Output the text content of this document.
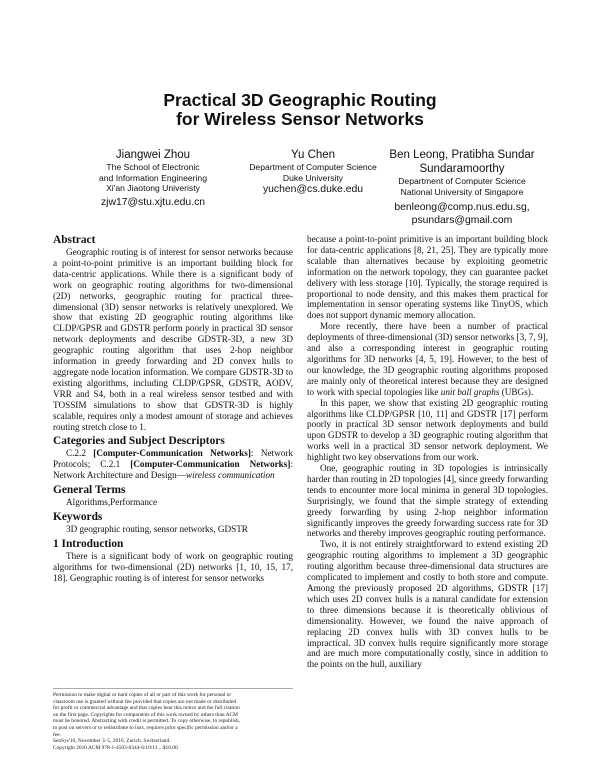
Practical 3D Geographic Routing
for Wireless Sensor Networks
Jiangwei Zhou
The School of Electronic
and Information Engineering
Xi'an Jiaotong Univeristy
zjw17@stu.xjtu.edu.cn
Yu Chen
Department of Computer Science
Duke University
yuchen@cs.duke.edu
Ben Leong, Pratibha Sundar
Sundaramoorthy
Department of Computer Science
National University of Singapore
benleong@comp.nus.edu.sg,
psundars@gmail.com
Abstract

Geographic routing is of interest for sensor networks because a point-to-point primitive is an important building block for data-centric applications. While there is a significant body of work on geographic routing algorithms for two-dimensional (2D) networks, geographic routing for practical three-dimensional (3D) sensor networks is relatively unexplored. We show that existing 2D geographic routing algorithms like CLDP/GPSR and GDSTR perform poorly in practical 3D sensor network deployments and describe GDSTR-3D, a new 3D geographic routing algorithm that uses 2-hop neighbor information in greedy forwarding and 2D convex hulls to aggregate node location information. We compare GDSTR-3D to existing algorithms, including CLDP/GPSR, GDSTR, AODV, VRR and S4, both in a real wireless sensor testbed and with TOSSIM simulations to show that GDSTR-3D is highly scalable, requires only a modest amount of storage and achieves routing stretch close to 1.

Categories and Subject Descriptors

C.2.2 [Computer-Communication Networks]: Network Protocols; C.2.1 [Computer-Communication Networks]: Network Architecture and Design—wireless communication

General Terms

Algorithms,Performance

Keywords

3D geographic routing, sensor networks, GDSTR

1 Introduction

There is a significant body of work on geographic routing algorithms for two-dimensional (2D) networks [1, 10, 15, 17, 18]. Geographic routing is of interest for sensor networks

Permission to make digital or hard copies of all or part of this work for personal or
classroom use is granted without fee provided that copies are not made or distributed
for profit or commercial advantage and that copies bear this notice and the full citation
on the first page. Copyrights for components of this work owned by others than ACM
must be honored. Abstracting with credit is permitted. To copy otherwise, to republish,
to post on servers or to redistribute to lists, requires prior specific permission and/or a
fee.
SenSys'10, November 3–5, 2010, Zurich, Switzerland.
Copyright 2010 ACM 978-1-4503-0344-6/10/11 ...$10.00

because a point-to-point primitive is an important building block for data-centric applications [8, 21, 25]. They are typically more scalable than alternatives because by exploiting geometric information on the network topology, they can guarantee packet delivery with less storage [10]. Typically, the storage required is proportional to node density, and this makes them practical for implementation in sensor operating systems like TinyOS, which does not support dynamic memory allocation.

More recently, there have been a number of practical deployments of three-dimensional (3D) sensor networks [3, 7, 9], and also a corresponding interest in geographic routing algorithms for 3D networks [4, 5, 19]. However, to the best of our knowledge, the 3D geographic routing algorithms proposed are mainly only of theoretical interest because they are designed to work with special topologies like unit ball graphs (UBGs).

In this paper, we show that existing 2D geographic routing algorithms like CLDP/GPSR [10, 11] and GDSTR [17] perform poorly in practical 3D sensor network deployments and build upon GDSTR to develop a 3D geographic routing algorithm that works well in a practical 3D sensor network deployment. We highlight two key observations from our work.

One, geographic routing in 3D topologies is intrinsically harder than routing in 2D topologies [4], since greedy forwarding tends to encounter more local minima in general 3D topologies. Surprisingly, we found that the simple strategy of extending greedy forwarding by using 2-hop neighbor information significantly improves the greedy forwarding success rate for 3D networks and thereby improves geographic routing performance.

Two, it is not entirely straightforward to extend existing 2D geographic routing algorithms to implement a 3D geographic routing algorithm because three-dimensional data structures are complicated to implement and costly to both store and compute. Among the previously proposed 2D algorithms, GDSTR [17] which uses 2D convex hulls is a natural candidate for extension to three dimensions because it is theoretically oblivious of dimensionality. However, we found the naive approach of replacing 2D convex hulls with 3D convex hulls to be impractical. 3D convex hulls require significantly more storage and are much more computationally costly, since in addition to the points on the hull, auxiliary
